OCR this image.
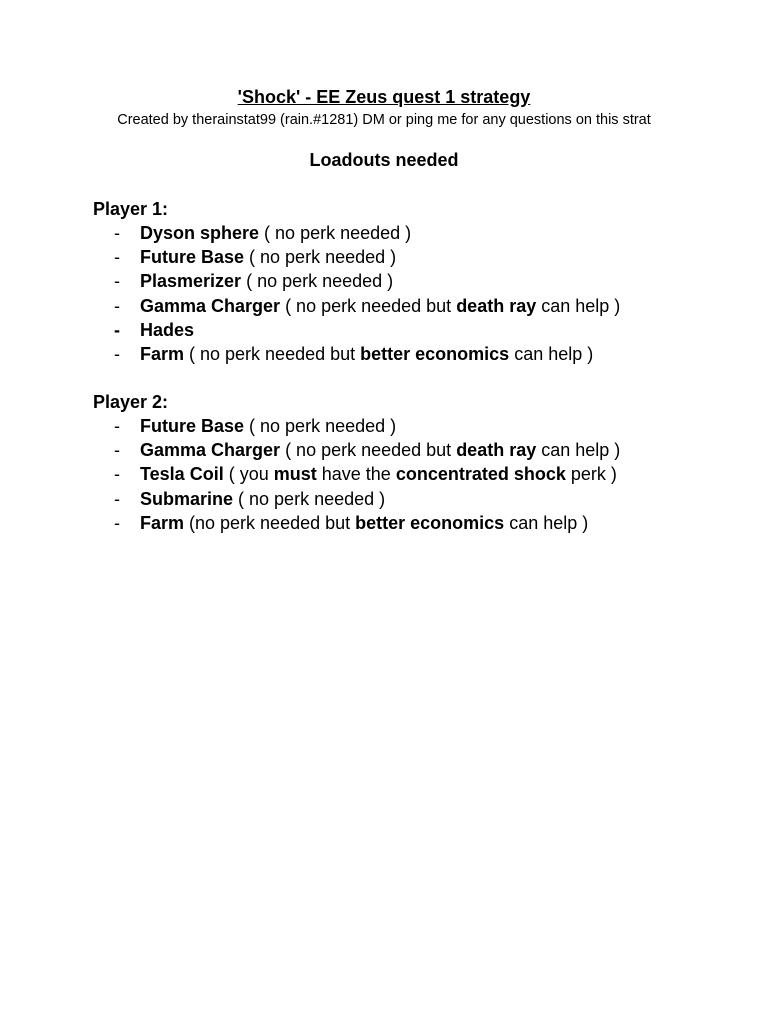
'Shock' - EE Zeus quest 1 strategy
Created by therainstat99 (rain.#1281) DM or ping me for any questions on this strat
Loadouts needed
Player 1:
- Dyson sphere ( no perk needed )
- Future Base ( no perk needed )
- Plasmerizer ( no perk needed )
- Gamma Charger ( no perk needed but death ray can help )
- Hades
- Farm ( no perk needed but better economics can help )
Player 2:
- Future Base ( no perk needed )
- Gamma Charger ( no perk needed but death ray can help )
- Tesla Coil ( you must have the concentrated shock perk )
- Submarine ( no perk needed )
- Farm (no perk needed but better economics can help )
